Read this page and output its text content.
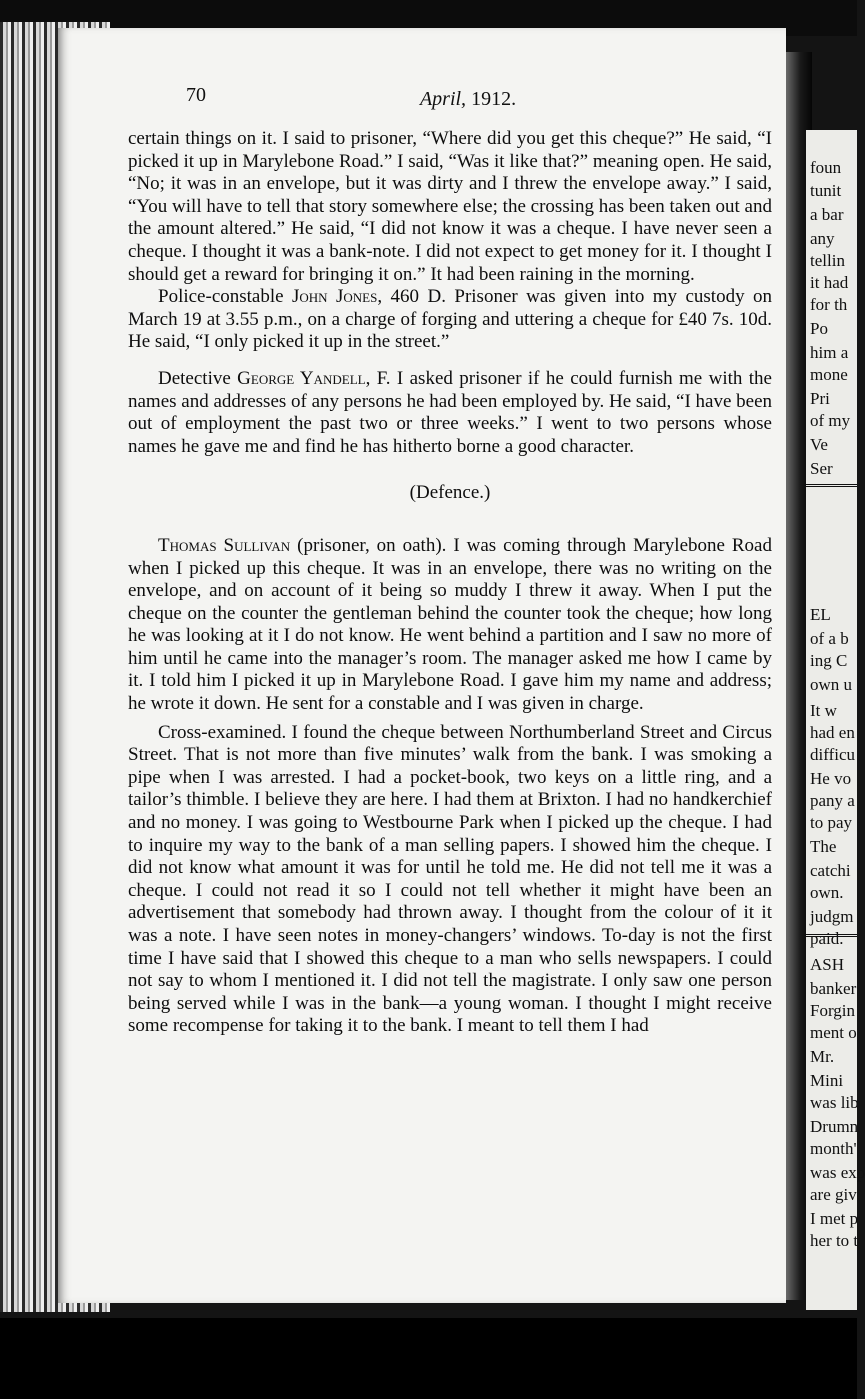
foun
tunit
a bar
any
tellin
it had
for th
Po
him a
mone
Pri
of my
Ve
Ser
EL
of a b
ing C
own u
It w
had en
difficu
He vo
pany a
to pay
The
catchi
own.
judgm
paid.
ASH
banker
Forgin
ment o
Mr.
Mini
was lib
Drumn
month'
was exp
are giv
I met p
her to t
70	April, 1912.

certain things on it. I said to prisoner, “Where did you get this cheque?” He said, “I picked it up in Marylebone Road.” I said, “Was it like that?” meaning open. He said, “No; it was in an envelope, but it was dirty and I threw the envelope away.” I said, “You will have to tell that story somewhere else; the crossing has been taken out and the amount altered.” He said, “I did not know it was a cheque. I have never seen a cheque. I thought it was a bank-note. I did not expect to get money for it. I thought I should get a reward for bringing it on.” It had been raining in the morning.

Police-constable John Jones, 460 D. Prisoner was given into my custody on March 19 at 3.55 p.m., on a charge of forging and uttering a cheque for £40 7s. 10d. He said, “I only picked it up in the street.”

Detective George Yandell, F. I asked prisoner if he could furnish me with the names and addresses of any persons he had been employed by. He said, “I have been out of employment the past two or three weeks.” I went to two persons whose names he gave me and find he has hitherto borne a good character.

(Defence.)

Thomas Sullivan (prisoner, on oath). I was coming through Marylebone Road when I picked up this cheque. It was in an envelope, there was no writing on the envelope, and on account of it being so muddy I threw it away. When I put the cheque on the counter the gentleman behind the counter took the cheque; how long he was looking at it I do not know. He went behind a partition and I saw no more of him until he came into the manager’s room. The manager asked me how I came by it. I told him I picked it up in Marylebone Road. I gave him my name and address; he wrote it down. He sent for a constable and I was given in charge.

Cross-examined. I found the cheque between Northumberland Street and Circus Street. That is not more than five minutes’ walk from the bank. I was smoking a pipe when I was arrested. I had a pocket-book, two keys on a little ring, and a tailor’s thimble. I believe they are here. I had them at Brixton. I had no handkerchief and no money. I was going to Westbourne Park when I picked up the cheque. I had to inquire my way to the bank of a man selling papers. I showed him the cheque. I did not know what amount it was for until he told me. He did not tell me it was a cheque. I could not read it so I could not tell whether it might have been an advertisement that somebody had thrown away. I thought from the colour of it it was a note. I have seen notes in money-changers’ windows. To-day is not the first time I have said that I showed this cheque to a man who sells newspapers. I could not say to whom I mentioned it. I did not tell the magistrate. I only saw one person being served while I was in the bank—a young woman. I thought I might receive some recompense for taking it to the bank. I meant to tell them I had
